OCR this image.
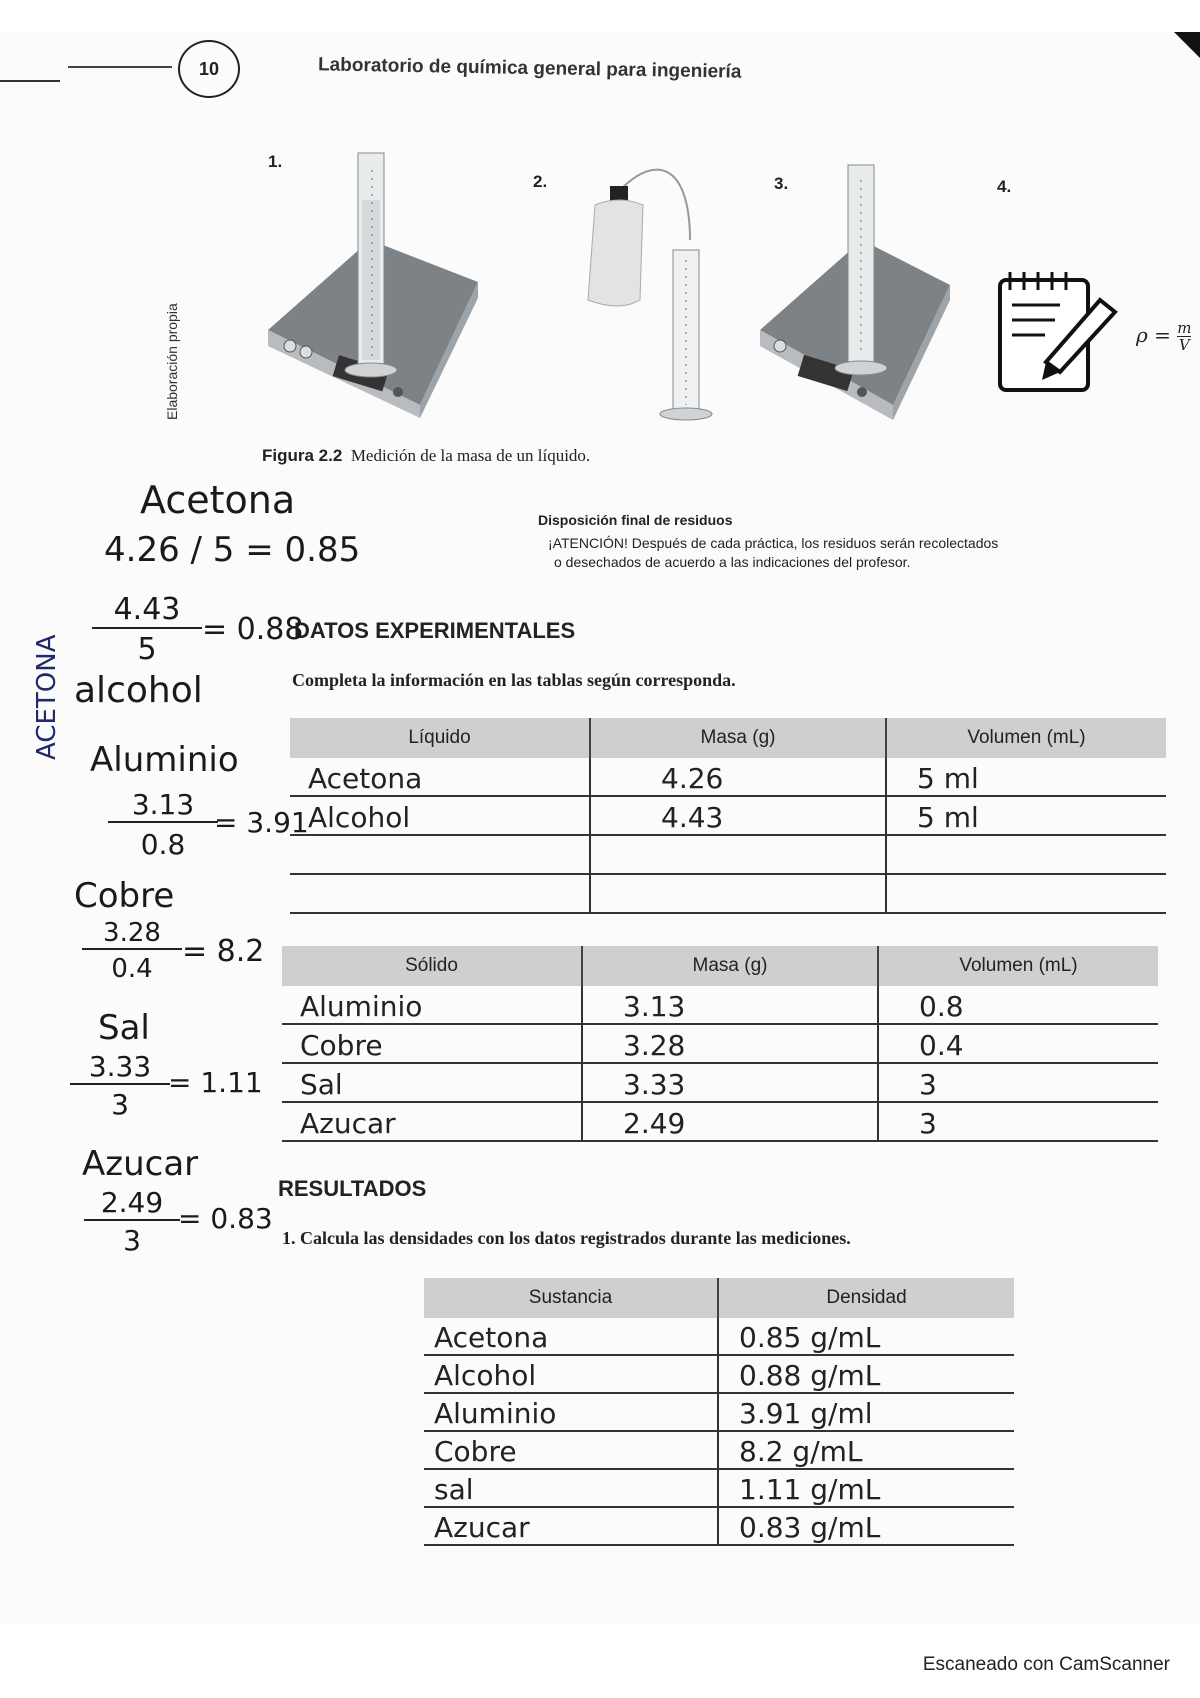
10	Laboratorio de química general para ingeniería
Elaboración propia
1.
2.	3.	4.
$\rho = \frac{m}{V}$
Figura 2.2 Medición de la masa de un líquido.
Disposición final de residuos
¡ATENCIÓN! Después de cada práctica, los residuos serán recolectados
o desechados de acuerdo a las indicaciones del profesor.
DATOS EXPERIMENTALES
Completa la información en las tablas según corresponda.
Líquido	Masa (g)	Volumen (mL)
Acetona	4.26	5 ml
Alcohol	4.43	5 ml

Sólido	Masa (g)	Volumen (mL)
Aluminio	3.13	0.8
Cobre	3.28	0.4
Sal	3.33	3
Azucar	2.49	3
RESULTADOS
1. Calcula las densidades con los datos registrados durante las mediciones.
Sustancia	Densidad
Acetona	0.85 g/mL
Alcohol	0.88 g/mL
Aluminio	3.91 g/ml
Cobre	8.2 g/mL
sal	1.11 g/mL
Azucar	0.83 g/mL
Acetona
4.26 / 5 = 0.85
4.43
5
= 0.88
alcohol
ACETONA Aluminio
3.13
0.8
= 3.91
Cobre
3.28
0.4 = 8.2
Sal
3.33
3
= 1.11
Azucar
2.49
3
= 0.83
Escaneado con CamScanner
